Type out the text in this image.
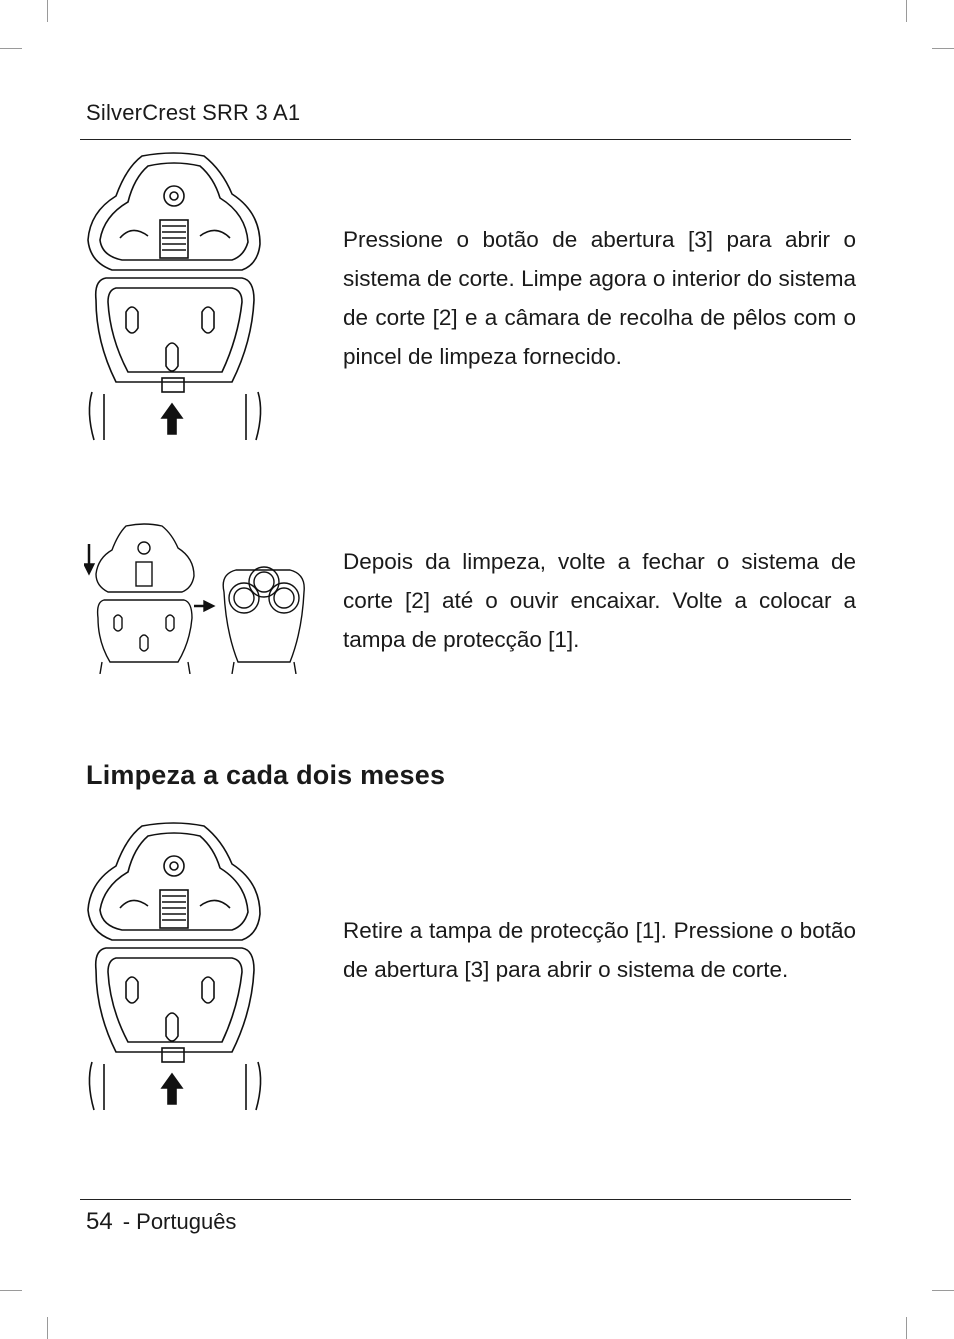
SilverCrest SRR 3 A1
Pressione o botão de abertura [3] para abrir o sistema de corte. Limpe agora o interior do sistema de corte [2] e a câmara de recolha de pêlos com o pincel de limpeza fornecido.
Depois da limpeza, volte a fechar o sistema de corte [2] até o ouvir encaixar. Volte a colocar a tampa de protecção [1].
Limpeza a cada dois meses
Retire a tampa de protecção [1]. Pressione o botão de abertura [3] para abrir o sistema de corte.
54 - Português
